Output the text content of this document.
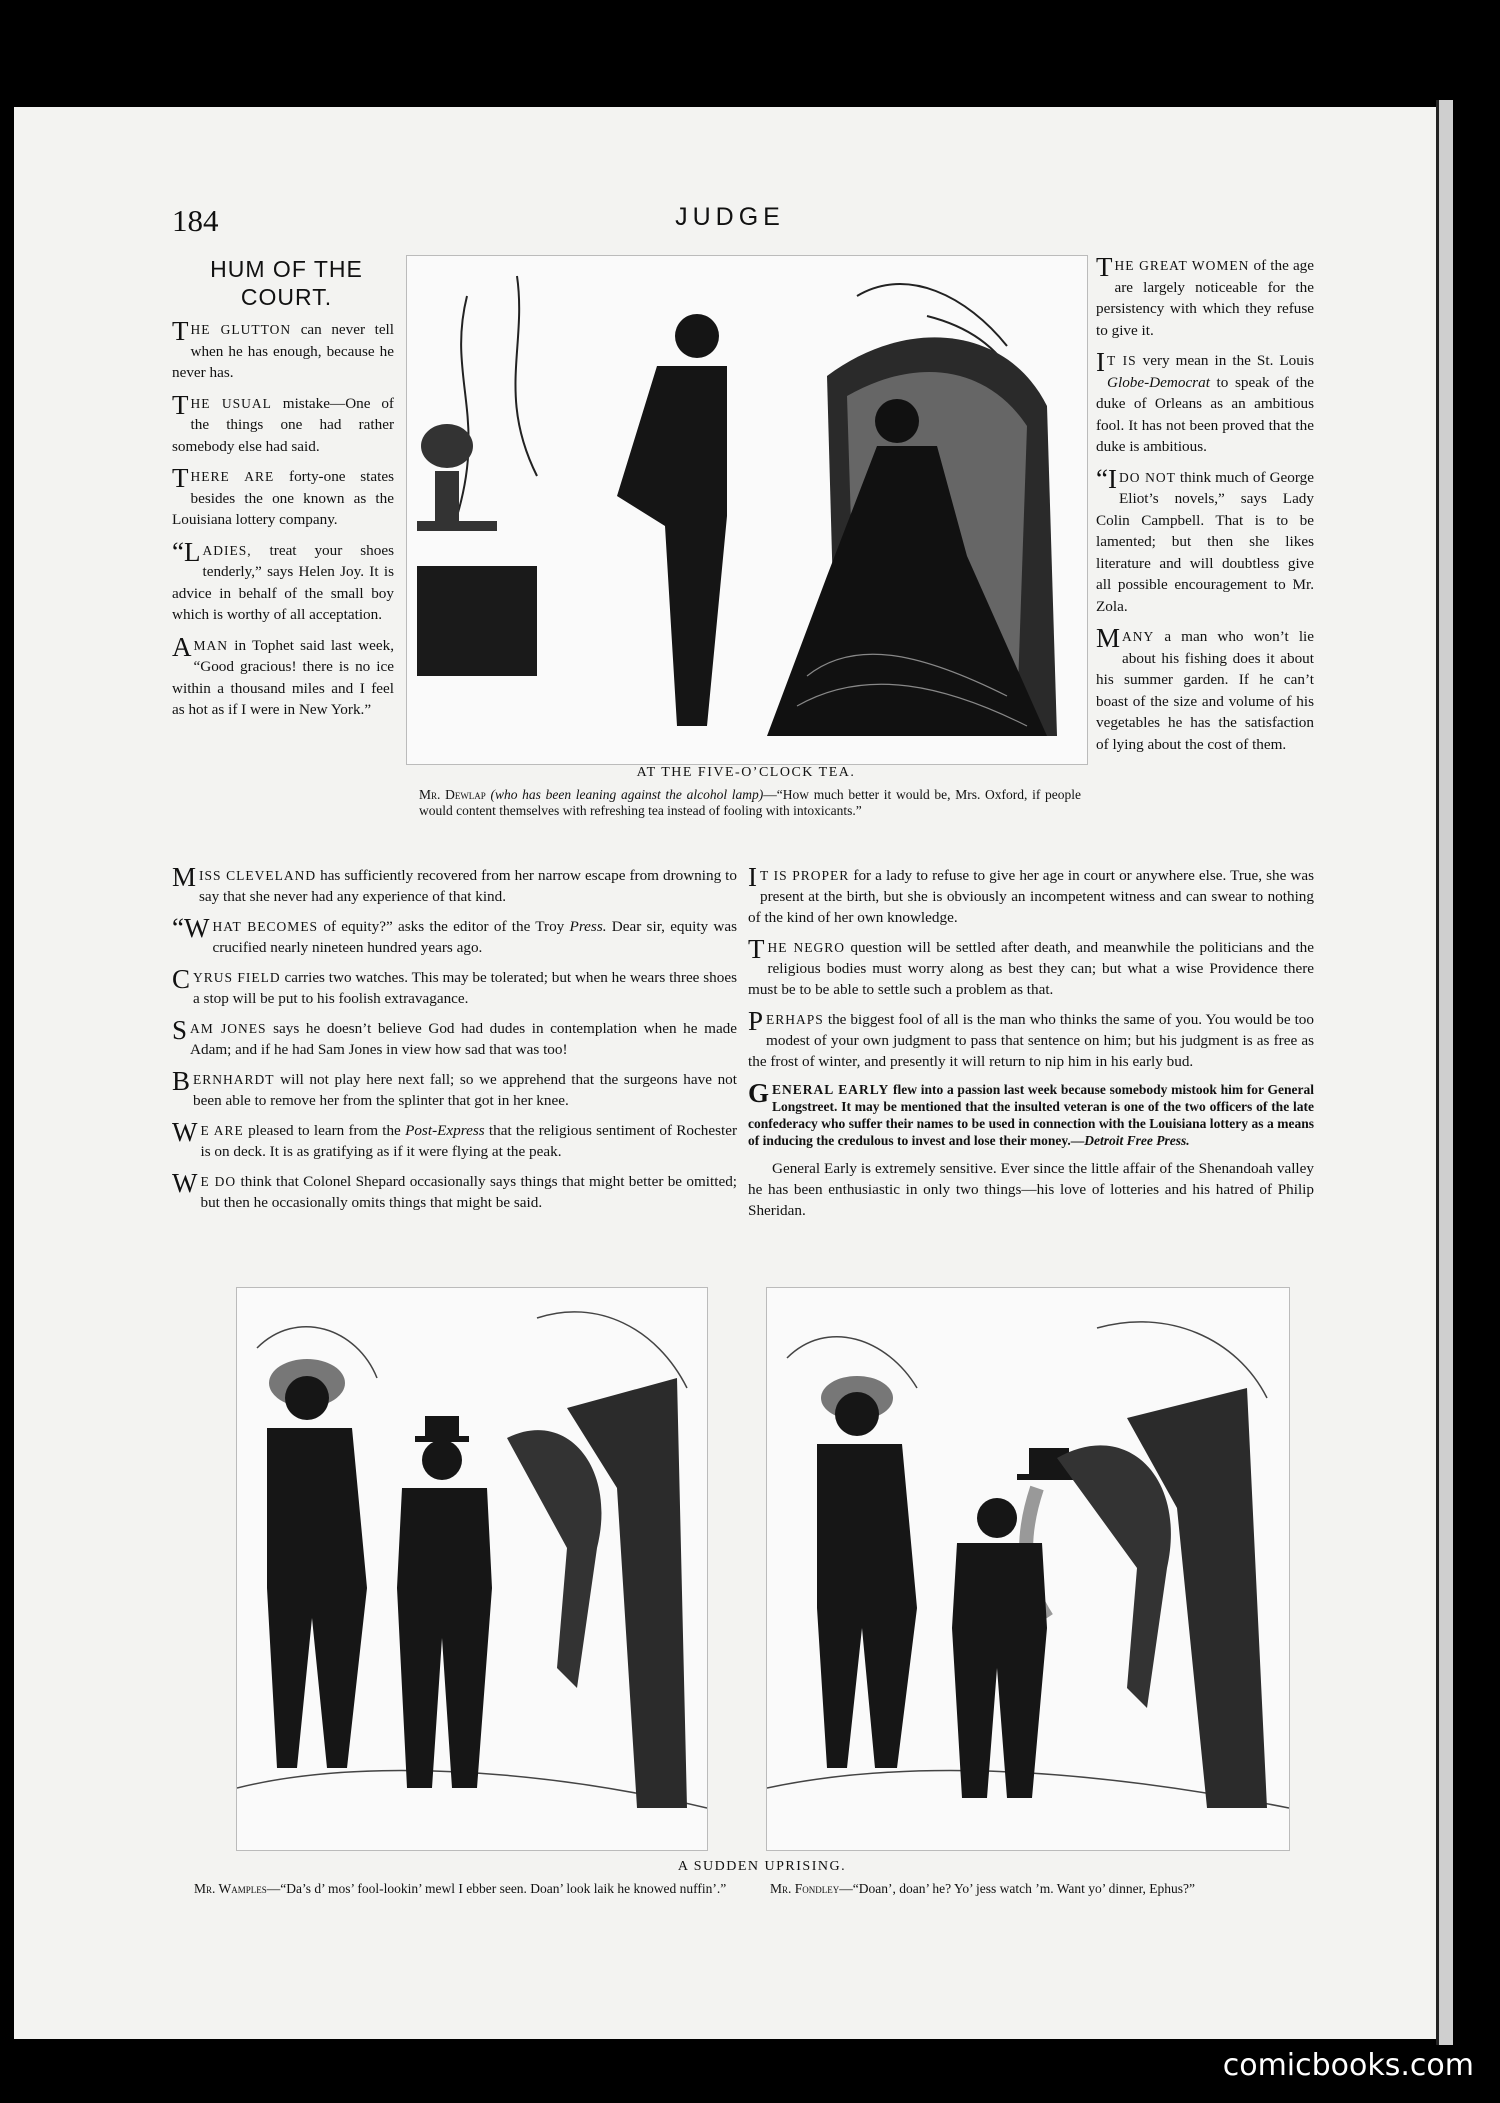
184	JUDGE
HUM OF THE COURT.

THE GLUTTON can never tell when he has enough, because he never has.

THE USUAL mistake—One of the things one had rather somebody else had said.

THERE ARE forty-one states besides the one known as the Louisiana lottery company.

“LADIES, treat your shoes tenderly,” says Helen Joy. It is advice in behalf of the small boy which is worthy of all acceptation.

AMAN in Tophet said last week, “Good gracious! there is no ice within a thousand miles and I feel as hot as if I were in New York.”

AT THE FIVE-O’CLOCK TEA.
Mr. Dewlap (who has been leaning against the alcohol lamp)—“How much better it would be, Mrs. Oxford, if people would content themselves with refreshing tea instead of fooling with intoxicants.”

THE GREAT WOMEN of the age are largely noticeable for the persistency with which they refuse to give it.

I T IS very mean in the St. Louis Globe-Democrat to speak of the duke of Orleans as an ambitious fool. It has not been proved that the duke is ambitious.

“IDO NOT think much of George Eliot’s novels,” says Lady Colin Campbell. That is to be lamented; but then she likes literature and will doubtless give all possible encouragement to Mr. Zola.

MANY a man who won’t lie about his fishing does it about his summer garden. If he can’t boast of the size and volume of his vegetables he has the satisfaction of lying about the cost of them.

MISS CLEVELAND has sufficiently recovered from her narrow escape from drowning to say that she never had any experience of that kind.

“WHAT BECOMES of equity?” asks the editor of the Troy Press. Dear sir, equity was crucified nearly nineteen hundred years ago.

CYRUS FIELD carries two watches. This may be tolerated; but when he wears three shoes a stop will be put to his foolish extravagance.

SAM JONES says he doesn’t believe God had dudes in contemplation when he made Adam; and if he had Sam Jones in view how sad that was too!

BERNHARDT will not play here next fall; so we apprehend that the surgeons have not been able to remove her from the splinter that got in her knee.

W E ARE pleased to learn from the Post-Express that the religious sentiment of Rochester is on deck. It is as gratifying as if it were flying at the peak.

W E DO think that Colonel Shepard occasionally says things that might better be omitted; but then he occasionally omits things that might be said.

I T IS PROPER for a lady to refuse to give her age in court or anywhere else. True, she was present at the birth, but she is obviously an incompetent witness and can swear to nothing of the kind of her own knowledge.

THE NEGRO question will be settled after death, and meanwhile the politicians and the religious bodies must worry along as best they can; but what a wise Providence there must be to be able to settle such a problem as that.

PERHAPS the biggest fool of all is the man who thinks the same of you. You would be too modest of your own judgment to pass that sentence on him; but his judgment is as free as the frost of winter, and presently it will return to nip him in his early bud.

GENERAL EARLY flew into a passion last week because somebody mistook him for General Longstreet. It may be mentioned that the insulted veteran is one of the two officers of the late confederacy who suffer their names to be used in connection with the Louisiana lottery as a means of inducing the credulous to invest and lose their money.—Detroit Free Press.

General Early is extremely sensitive. Ever since the little affair of the Shenandoah valley he has been enthusiastic in only two things—his love of lotteries and his hatred of Philip Sheridan.

A SUDDEN UPRISING.
Mr. Wamples—“Da’s d’ mos’ fool-lookin’ mewl I ebber seen. Doan’ look laik he knowed nuffin’.”	Mr. Fondley—“Doan’, doan’ he? Yo’ jess watch ’m. Want yo’ dinner, Ephus?”
comicbooks.com
